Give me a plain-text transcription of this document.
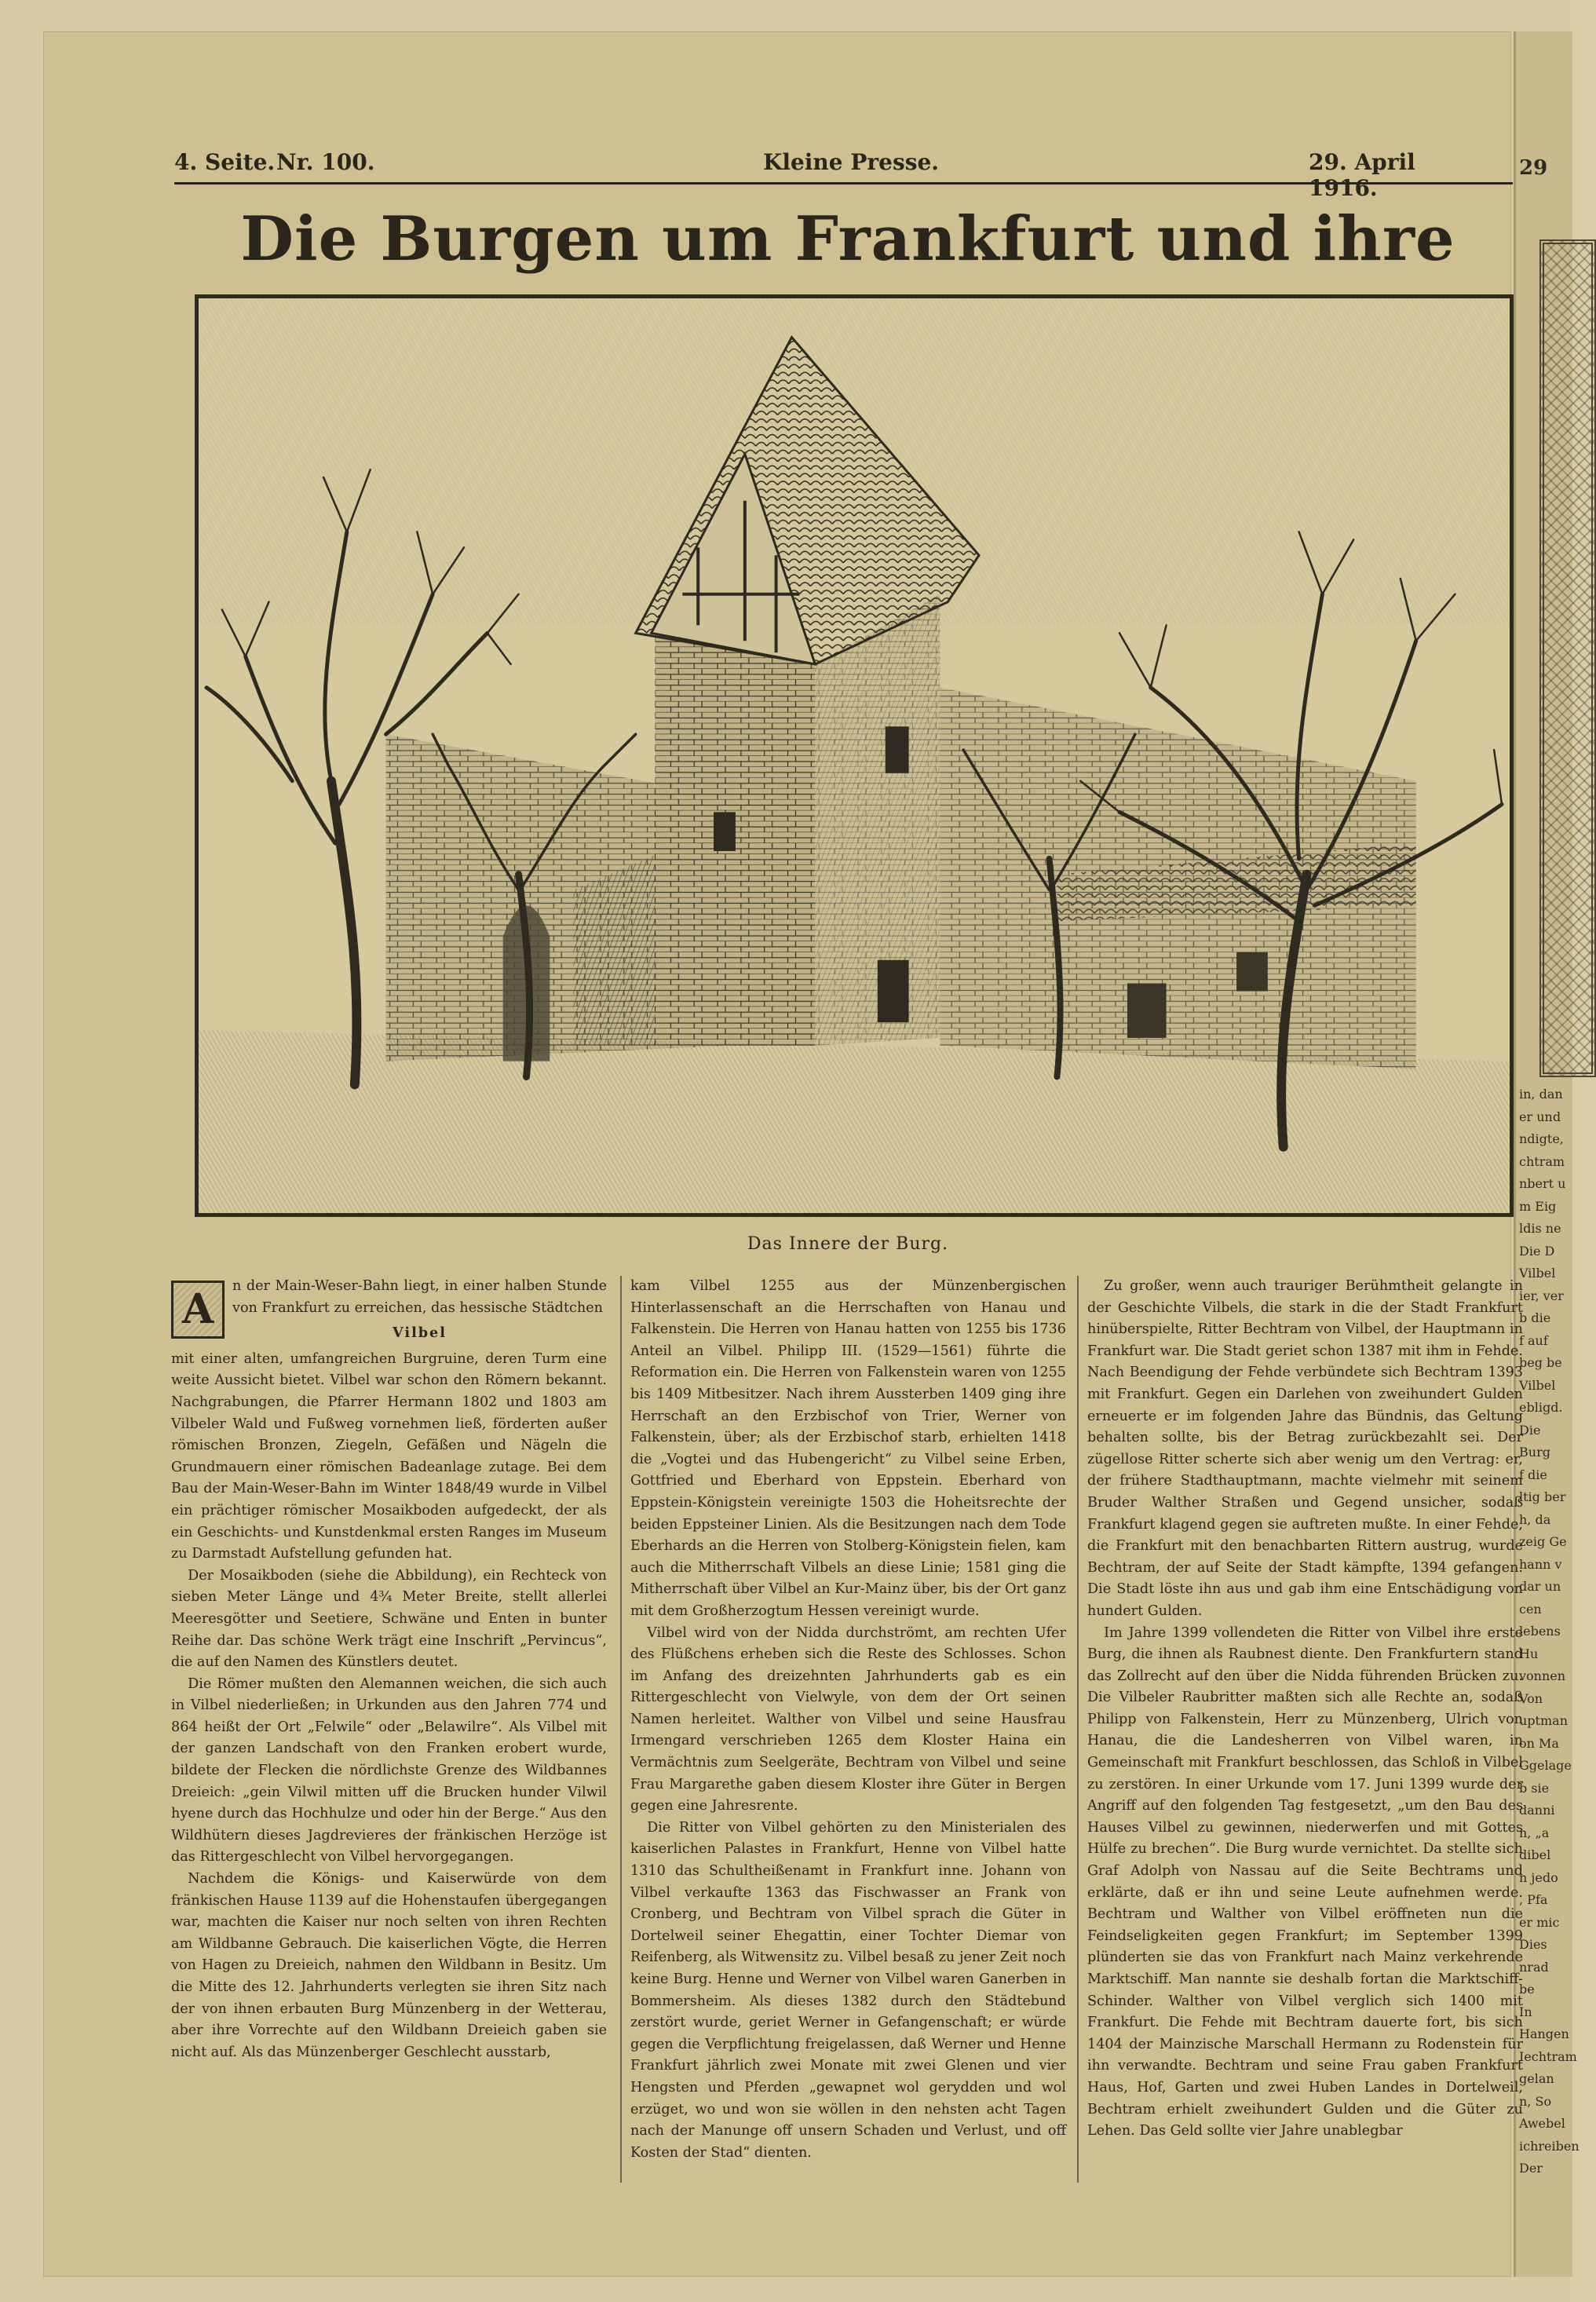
29
in, dan
er und
ndigte,
chtram
nbert u
m Eig
ldis ne
Die D
Vilbel
ier, ver
b die
f auf
beg be
Vilbel
ebligd.
Die
Burg
f die
ltig ber
h, da
zeig Ge
hann v
dar un
cen
lebens
Hu
vonnen
Von
uptman
on Ma
Ggelage
b sie
danni
n, „a
dibel
n jedo
, Pfa
er mic
Dies
nrad
be
In
Hangen
Iechtram
gelan
n, So
Awebel
ichreiben
Der
4. Seite. Nr. 100.	Kleine Presse.	29. April 1916.
Die Burgen um Frankfurt und ihre
Das Innere der Burg.
A	n der Main-Weser-Bahn liegt, in einer halben Stunde von Frankfurt zu erreichen, das hessische Städtchen

Vilbel

mit einer alten, umfangreichen Burgruine, deren Turm eine weite Aussicht bietet. Vilbel war schon den Römern bekannt. Nachgrabungen, die Pfarrer Hermann 1802 und 1803 am Vilbeler Wald und Fußweg vornehmen ließ, förderten außer römischen Bronzen, Ziegeln, Gefäßen und Nägeln die Grundmauern einer römischen Badeanlage zutage. Bei dem Bau der Main-Weser-Bahn im Winter 1848/49 wurde in Vilbel ein prächtiger römischer Mosaikboden aufgedeckt, der als ein Geschichts- und Kunstdenkmal ersten Ranges im Museum zu Darmstadt Aufstellung gefunden hat.

Der Mosaikboden (siehe die Abbildung), ein Rechteck von sieben Meter Länge und 4¾ Meter Breite, stellt allerlei Meeresgötter und Seetiere, Schwäne und Enten in bunter Reihe dar. Das schöne Werk trägt eine Inschrift „Pervincus“, die auf den Namen des Künstlers deutet.

Die Römer mußten den Alemannen weichen, die sich auch in Vilbel niederließen; in Urkunden aus den Jahren 774 und 864 heißt der Ort „Felwile“ oder „Belawilre“. Als Vilbel mit der ganzen Landschaft von den Franken erobert wurde, bildete der Flecken die nördlichste Grenze des Wildbannes Dreieich: „gein Vilwil mitten uff die Brucken hunder Vilwil hyene durch das Hochhulze und oder hin der Berge.“ Aus den Wildhütern dieses Jagdrevieres der fränkischen Herzöge ist das Rittergeschlecht von Vilbel hervorgegangen.

Nachdem die Königs- und Kaiserwürde von dem fränkischen Hause 1139 auf die Hohenstaufen übergegangen war, machten die Kaiser nur noch selten von ihren Rechten am Wildbanne Gebrauch. Die kaiserlichen Vögte, die Herren von Hagen zu Dreieich, nahmen den Wildbann in Besitz. Um die Mitte des 12. Jahrhunderts verlegten sie ihren Sitz nach der von ihnen erbauten Burg Münzenberg in der Wetterau, aber ihre Vorrechte auf den Wildbann Dreieich gaben sie nicht auf. Als das Münzenberger Geschlecht ausstarb,

kam Vilbel 1255 aus der Münzenbergischen Hinterlassenschaft an die Herrschaften von Hanau und Falkenstein. Die Herren von Hanau hatten von 1255 bis 1736 Anteil an Vilbel. Philipp III. (1529—1561) führte die Reformation ein. Die Herren von Falkenstein waren von 1255 bis 1409 Mitbesitzer. Nach ihrem Aussterben 1409 ging ihre Herrschaft an den Erzbischof von Trier, Werner von Falkenstein, über; als der Erzbischof starb, erhielten 1418 die „Vogtei und das Hubengericht“ zu Vilbel seine Erben, Gottfried und Eberhard von Eppstein. Eberhard von Eppstein-Königstein vereinigte 1503 die Hoheitsrechte der beiden Eppsteiner Linien. Als die Besitzungen nach dem Tode Eberhards an die Herren von Stolberg-Königstein fielen, kam auch die Mitherrschaft Vilbels an diese Linie; 1581 ging die Mitherrschaft über Vilbel an Kur-Mainz über, bis der Ort ganz mit dem Großherzogtum Hessen vereinigt wurde.

Vilbel wird von der Nidda durchströmt, am rechten Ufer des Flüßchens erheben sich die Reste des Schlosses. Schon im Anfang des dreizehnten Jahrhunderts gab es ein Rittergeschlecht von Vielwyle, von dem der Ort seinen Namen herleitet. Walther von Vilbel und seine Hausfrau Irmengard verschrieben 1265 dem Kloster Haina ein Vermächtnis zum Seelgeräte, Bechtram von Vilbel und seine Frau Margarethe gaben diesem Kloster ihre Güter in Bergen gegen eine Jahresrente.

Die Ritter von Vilbel gehörten zu den Ministerialen des kaiserlichen Palastes in Frankfurt, Henne von Vilbel hatte 1310 das Schultheißenamt in Frankfurt inne. Johann von Vilbel verkaufte 1363 das Fischwasser an Frank von Cronberg, und Bechtram von Vilbel sprach die Güter in Dortelweil seiner Ehegattin, einer Tochter Diemar von Reifenberg, als Witwensitz zu. Vilbel besaß zu jener Zeit noch keine Burg. Henne und Werner von Vilbel waren Ganerben in Bommersheim. Als dieses 1382 durch den Städtebund zerstört wurde, geriet Werner in Gefangenschaft; er würde gegen die Verpflichtung freigelassen, daß Werner und Henne Frankfurt jährlich zwei Monate mit zwei Glenen und vier Hengsten und Pferden „gewapnet wol gerydden und wol erzüget, wo und won sie wöllen in den nehsten acht Tagen nach der Manunge off unsern Schaden und Verlust, und off Kosten der Stad“ dienten.

Zu großer, wenn auch trauriger Berühmtheit gelangte in der Geschichte Vilbels, die stark in die der Stadt Frankfurt hinüberspielte, Ritter Bechtram von Vilbel, der Hauptmann in Frankfurt war. Die Stadt geriet schon 1387 mit ihm in Fehde. Nach Beendigung der Fehde verbündete sich Bechtram 1393 mit Frankfurt. Gegen ein Darlehen von zweihundert Gulden erneuerte er im folgenden Jahre das Bündnis, das Geltung behalten sollte, bis der Betrag zurückbezahlt sei. Der zügellose Ritter scherte sich aber wenig um den Vertrag: er, der frühere Stadthauptmann, machte vielmehr mit seinem Bruder Walther Straßen und Gegend unsicher, sodaß Frankfurt klagend gegen sie auftreten mußte. In einer Fehde, die Frankfurt mit den benachbarten Rittern austrug, wurde Bechtram, der auf Seite der Stadt kämpfte, 1394 gefangen. Die Stadt löste ihn aus und gab ihm eine Entschädigung von hundert Gulden.

Im Jahre 1399 vollendeten die Ritter von Vilbel ihre erste Burg, die ihnen als Raubnest diente. Den Frankfurtern stand das Zollrecht auf den über die Nidda führenden Brücken zu. Die Vilbeler Raubritter maßten sich alle Rechte an, sodaß Philipp von Falkenstein, Herr zu Münzenberg, Ulrich von Hanau, die die Landesherren von Vilbel waren, in Gemeinschaft mit Frankfurt beschlossen, das Schloß in Vilbel zu zerstören. In einer Urkunde vom 17. Juni 1399 wurde der Angriff auf den folgenden Tag festgesetzt, „um den Bau des Hauses Vilbel zu gewinnen, niederwerfen und mit Gottes Hülfe zu brechen“. Die Burg wurde vernichtet. Da stellte sich Graf Adolph von Nassau auf die Seite Bechtrams und erklärte, daß er ihn und seine Leute aufnehmen werde. Bechtram und Walther von Vilbel eröffneten nun die Feindseligkeiten gegen Frankfurt; im September 1399 plünderten sie das von Frankfurt nach Mainz verkehrende Marktschiff. Man nannte sie deshalb fortan die Marktschiff-Schinder. Walther von Vilbel verglich sich 1400 mit Frankfurt. Die Fehde mit Bechtram dauerte fort, bis sich 1404 der Mainzische Marschall Hermann zu Rodenstein für ihn verwandte. Bechtram und seine Frau gaben Frankfurt Haus, Hof, Garten und zwei Huben Landes in Dortelweil, Bechtram erhielt zweihundert Gulden und die Güter zu Lehen. Das Geld sollte vier Jahre unablegbar
